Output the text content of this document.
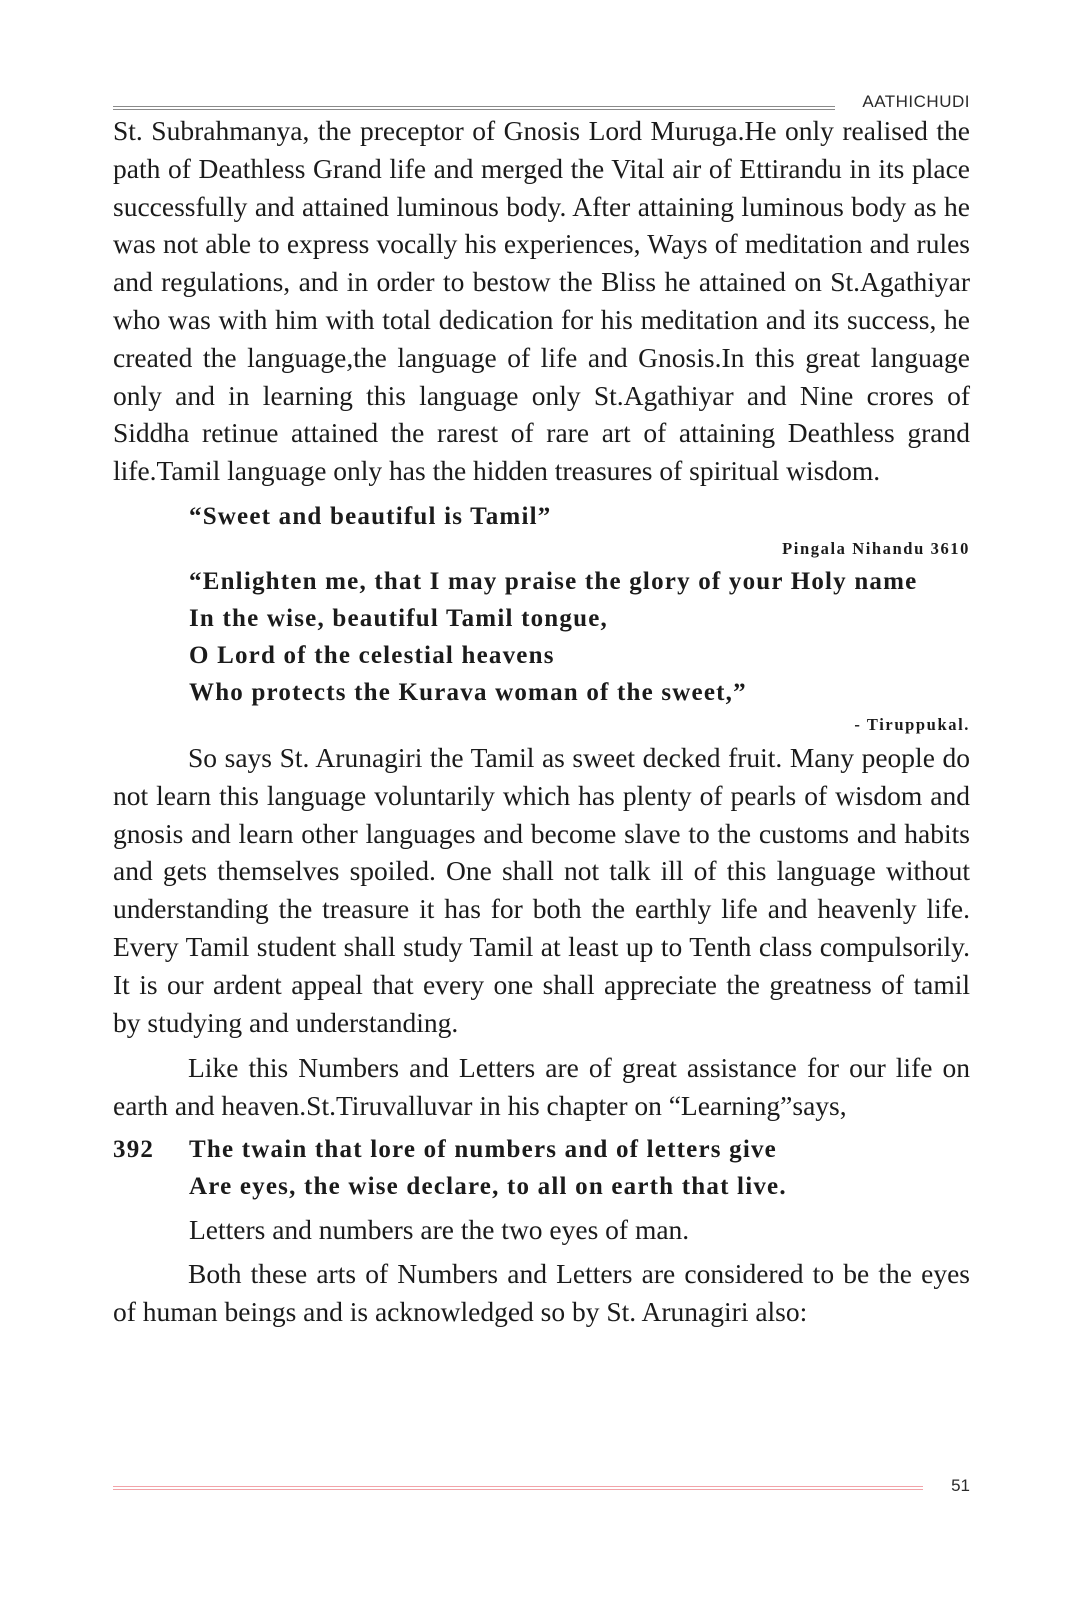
AATHICHUDI

St. Subrahmanya, the preceptor of Gnosis Lord Muruga.He only realised the path of Deathless Grand life and merged the Vital air of Ettirandu in its place successfully and attained luminous body. After attaining luminous body as he was not able to express vocally his experiences, Ways of meditation and rules and regulations, and in order to bestow the Bliss he attained on St.Agathiyar who was with him with total dedication for his meditation and its success, he created the language,the language of life and Gnosis.In this great language only and in learning this language only St.Agathiyar and Nine crores of Siddha retinue attained the rarest of rare art of attaining Deathless grand life.Tamil language only has the hidden treasures of spiritual wisdom.

“Sweet and beautiful is Tamil”

Pingala Nihandu 3610

“Enlighten me, that I may praise the glory of your Holy name
In the wise, beautiful Tamil tongue,
O Lord of the celestial heavens
Who protects the Kurava woman of the sweet,”

- Tiruppukal.

So says St. Arunagiri the Tamil as sweet decked fruit. Many people do not learn this language voluntarily which has plenty of pearls of wisdom and gnosis and learn other languages and become slave to the customs and habits and gets themselves spoiled. One shall not talk ill of this language without understanding the treasure it has for both the earthly life and heavenly life. Every Tamil student shall study Tamil at least up to Tenth class compulsorily. It is our ardent appeal that every one shall appreciate the greatness of tamil by studying and understanding.

Like this Numbers and Letters are of great assistance for our life on earth and heaven.St.Tiruvalluvar in his chapter on “Learning”says,

392	The twain that lore of numbers and of letters give
Are eyes, the wise declare, to all on earth that live.

Letters and numbers are the two eyes of man.

Both these arts of Numbers and Letters are considered to be the eyes of human beings and is acknowledged so by St. Arunagiri also:

51
